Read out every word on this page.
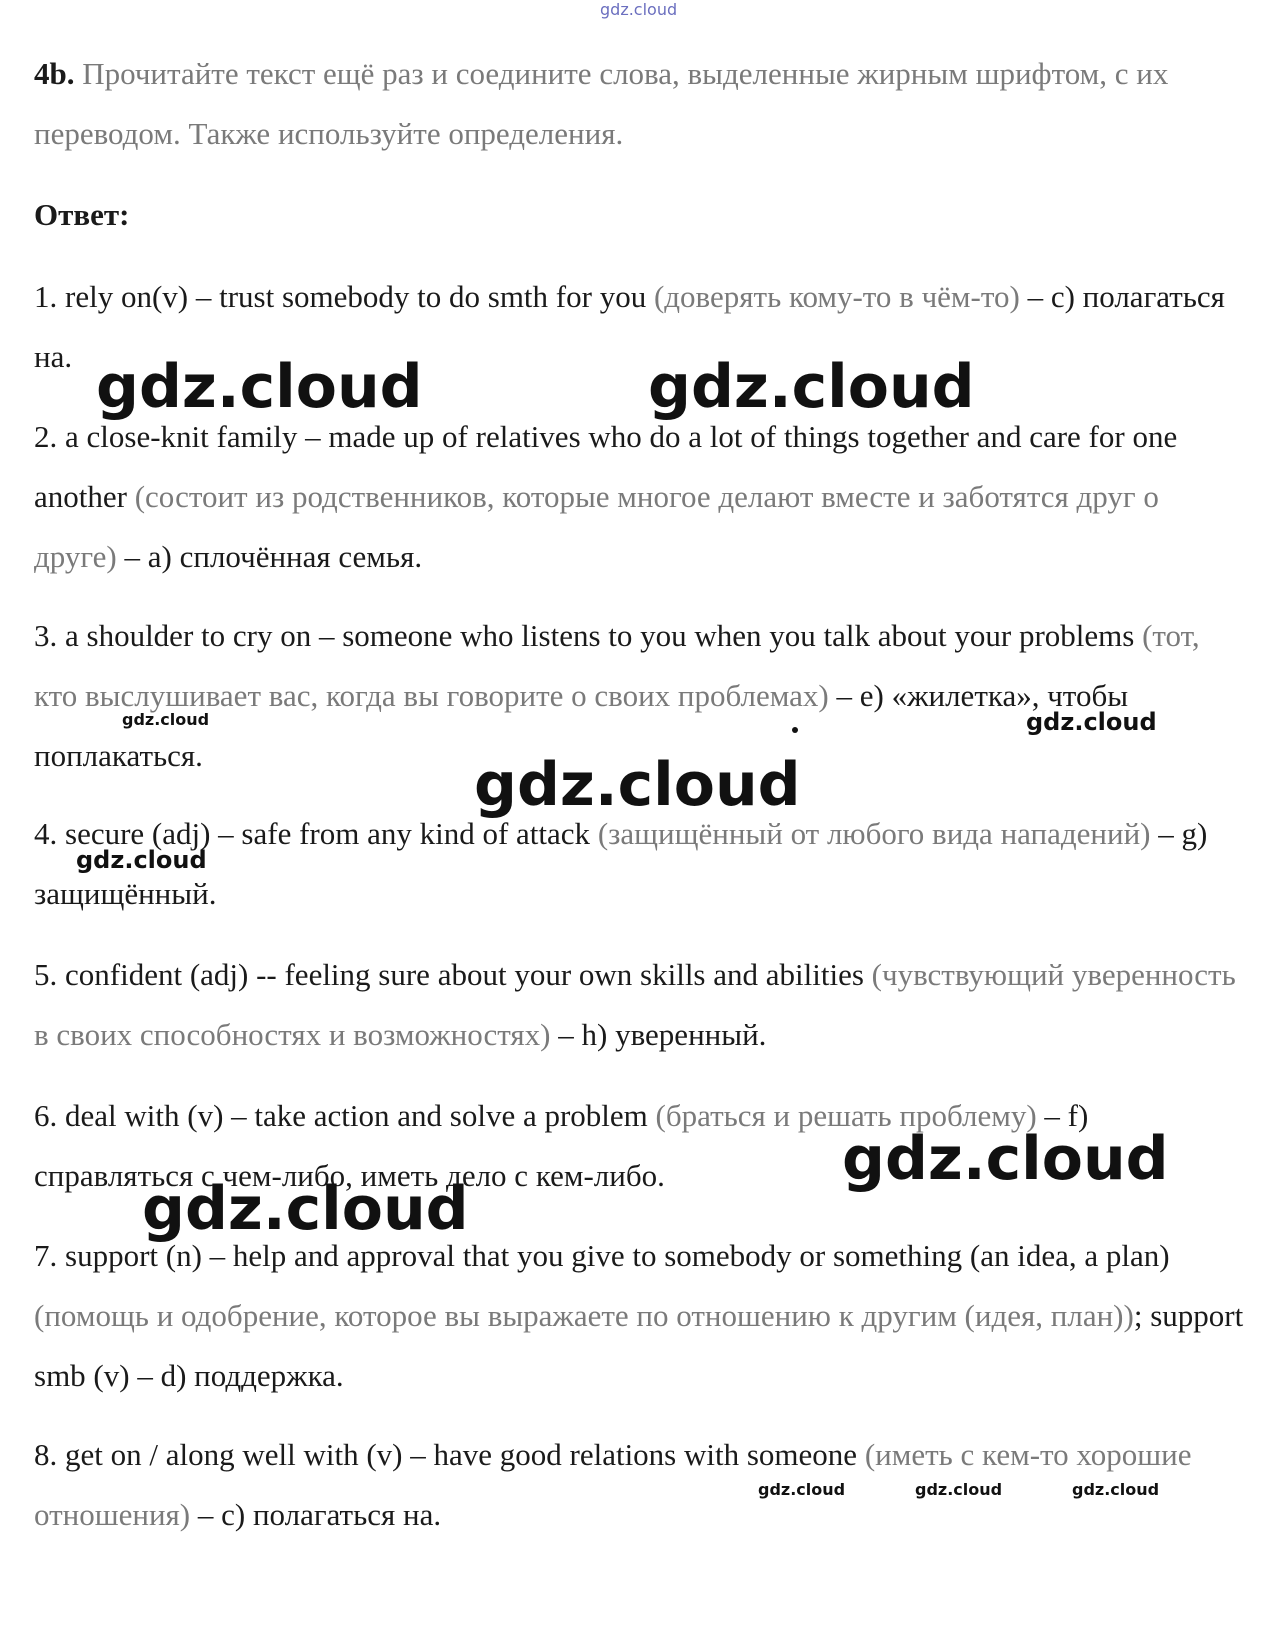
gdz.cloud

4b. Прочитайте текст ещё раз и соедините слова, выделенные жирным шрифтом, с их переводом. Также используйте определения.

Ответ:

1. rely on(v) – trust somebody to do smth for you (доверять кому-то в чём-то) – c) полагаться на.

2. a close-knit family – made up of relatives who do a lot of things together and care for one another (состоит из родственников, которые многое делают вместе и заботятся друг о друге) – a) сплочённая семья.

3. a shoulder to cry on – someone who listens to you when you talk about your problems (тот, кто выслушивает вас, когда вы говорите о своих проблемах) – e) «жилетка», чтобы поплакаться.

4. secure (adj) – safe from any kind of attack (защищённый от любого вида нападений) – g) защищённый.

5. confident (adj) -- feeling sure about your own skills and abilities (чувствующий уверенность в своих способностях и возможностях) – h) уверенный.

6. deal with (v) – take action and solve a problem (браться и решать проблему) – f) справляться с чем-либо, иметь дело с кем-либо.

7. support (n) – help and approval that you give to somebody or something (an idea, a plan) (помощь и одобрение, которое вы выражаете по отношению к другим (идея, план)); support smb (v) – d) поддержка.

8. get on / along well with (v) – have good relations with someone (иметь с кем-то хорошие отношения) – c) полагаться на.

gdz.cloud	gdz.cloud
gdz.cloud
gdz.cloud
gdz.cloud
gdz.cloud
gdz.cloud
gdz.cloud
gdz.cloud	gdz.cloud	gdz.cloud
